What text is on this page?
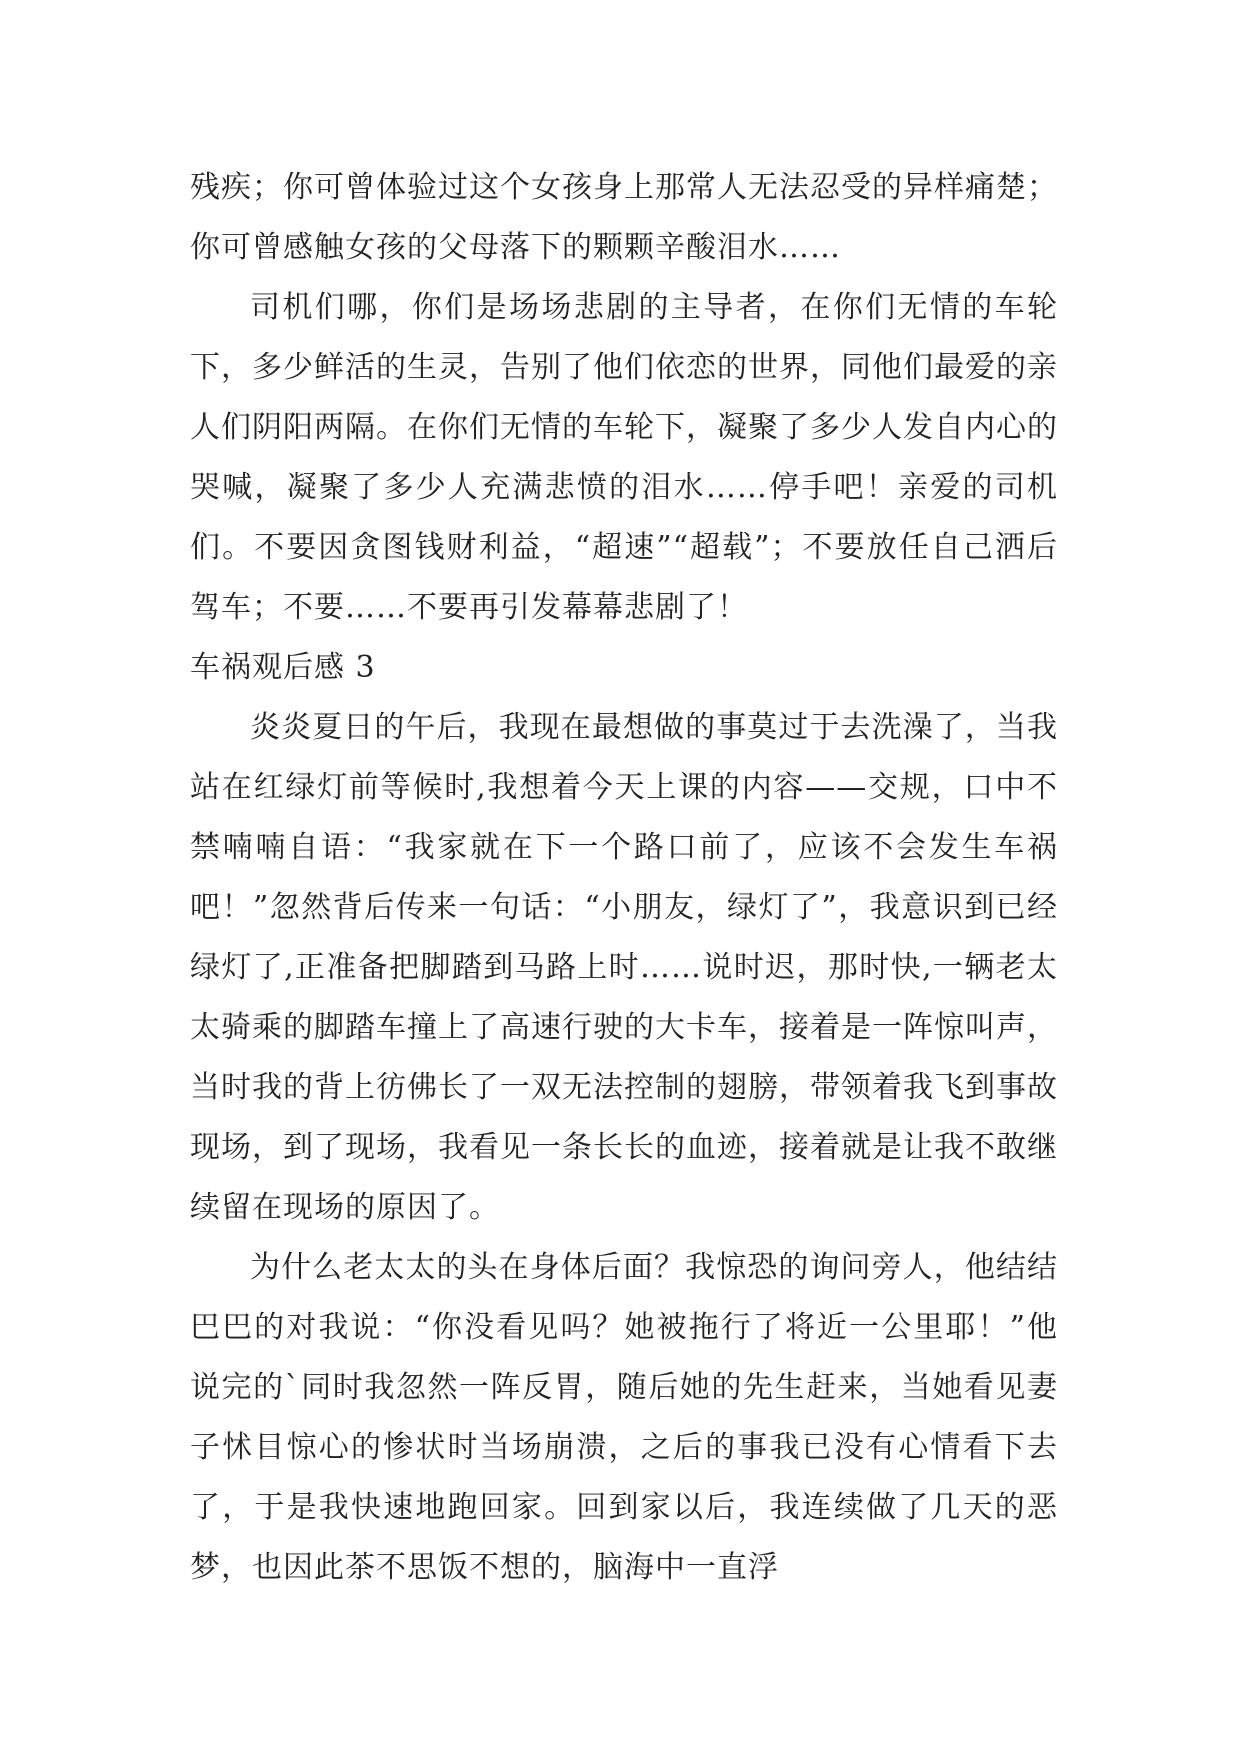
残疾；你可曾体验过这个女孩身上那常人无法忍受的异样痛楚；你可曾感触女孩的父母落下的颗颗辛酸泪水……

司机们哪，你们是场场悲剧的主导者，在你们无情的车轮下，多少鲜活的生灵，告别了他们依恋的世界，同他们最爱的亲人们阴阳两隔。在你们无情的车轮下，凝聚了多少人发自内心的哭喊，凝聚了多少人充满悲愤的泪水……停手吧！亲爱的司机们。不要因贪图钱财利益，“超速”“超载”；不要放任自己洒后驾车；不要……不要再引发幕幕悲剧了！

车祸观后感 3

炎炎夏日的午后，我现在最想做的事莫过于去洗澡了，当我站在红绿灯前等候时,我想着今天上课的内容——交规，口中不禁喃喃自语：“我家就在下一个路口前了，应该不会发生车祸吧！”忽然背后传来一句话：“小朋友，绿灯了”，我意识到已经绿灯了,正准备把脚踏到马路上时……说时迟，那时快,一辆老太太骑乘的脚踏车撞上了高速行驶的大卡车，接着是一阵惊叫声，当时我的背上彷佛长了一双无法控制的翅膀，带领着我飞到事故现场，到了现场，我看见一条长长的血迹，接着就是让我不敢继续留在现场的原因了。

为什么老太太的头在身体后面？我惊恐的询问旁人，他结结巴巴的对我说：“你没看见吗？她被拖行了将近一公里耶！”他说完的`同时我忽然一阵反胃，随后她的先生赶来，当她看见妻子怵目惊心的惨状时当场崩溃，之后的事我已没有心情看下去了，于是我快速地跑回家。回到家以后，我连续做了几天的恶梦，也因此茶不思饭不想的，脑海中一直浮
